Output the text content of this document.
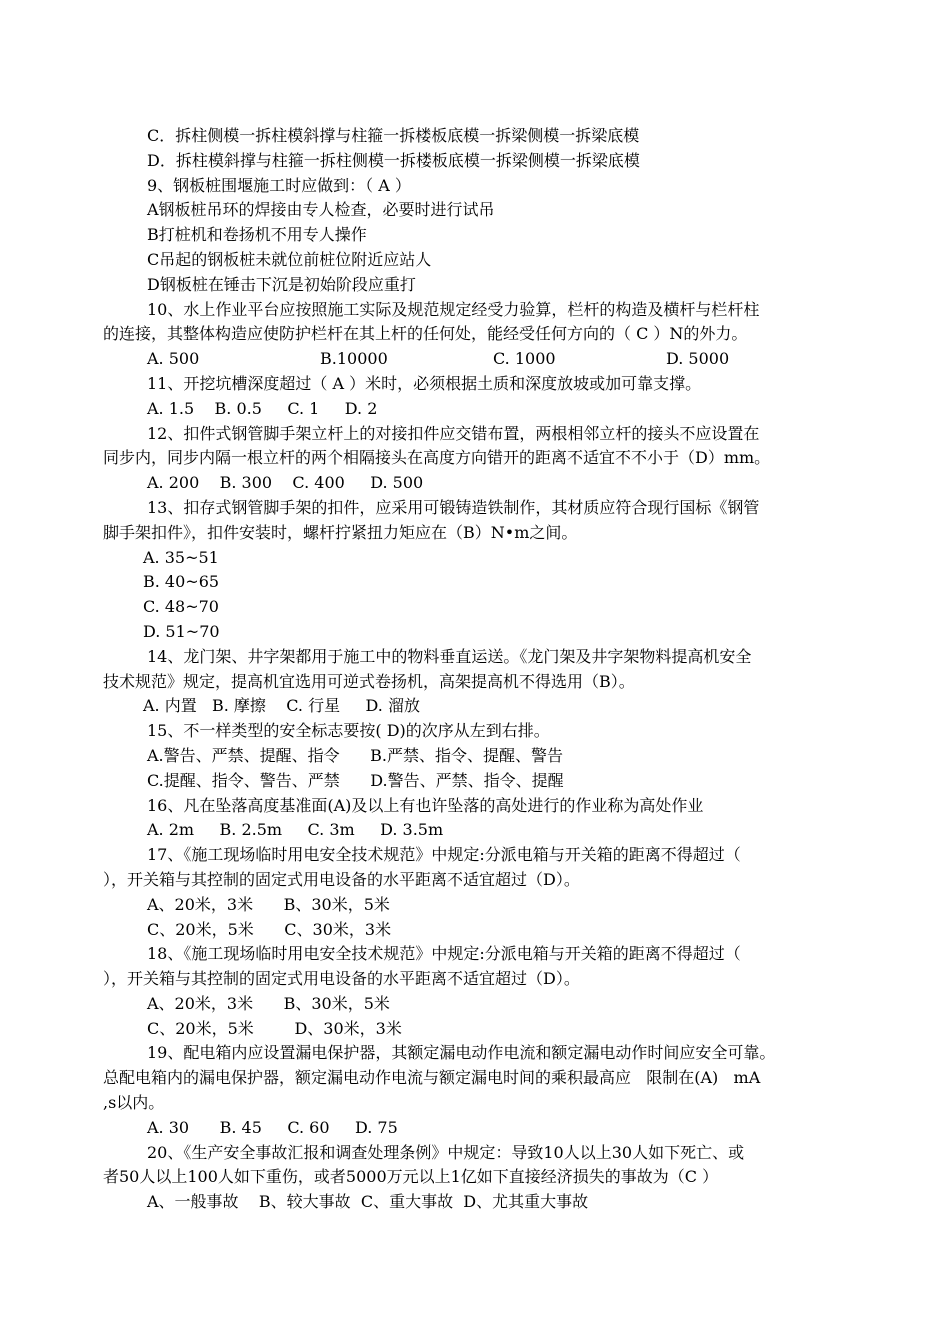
C．拆柱侧模一拆柱模斜撑与柱箍一拆楼板底模一拆梁侧模一拆梁底模
D．拆柱模斜撑与柱箍一拆柱侧模一拆楼板底模一拆梁侧模一拆梁底模
9、钢板桩围堰施工时应做到：（ A ）
A钢板桩吊环的焊接由专人检查，必要时进行试吊
B打桩机和卷扬机不用专人操作
C吊起的钢板桩未就位前桩位附近应站人
D钢板桩在锤击下沉是初始阶段应重打
10、水上作业平台应按照施工实际及规范规定经受力验算，栏杆的构造及横杆与栏杆柱
的连接，其整体构造应使防护栏杆在其上杆的任何处，能经受任何方向的（ C ）N的外力。
A. 500	B.10000	C. 1000	D. 5000
11、开挖坑槽深度超过（ A ）米时，必须根据土质和深度放坡或加可靠支撑。
A. 1.5    B. 0.5     C. 1     D. 2
12、扣件式钢管脚手架立杆上的对接扣件应交错布置，两根相邻立杆的接头不应设置在
同步内，同步内隔一根立杆的两个相隔接头在高度方向错开的距离不适宜不不小于（D）mm。
A. 200    B. 300    C. 400     D. 500
13、扣存式钢管脚手架的扣件，应采用可锻铸造铁制作，其材质应符合现行国标《钢管
脚手架扣件》，扣件安装时，螺杆拧紧扭力矩应在（B）N•m之间。
A. 35~51
B. 40~65
C. 48~70
D. 51~70
14、龙门架、井字架都用于施工中的物料垂直运送。《龙门架及井字架物料提高机安全
技术规范》规定，提高机宜选用可逆式卷扬机，高架提高机不得选用（B）。
A. 内置   B. 摩擦    C. 行星     D. 溜放
15、不一样类型的安全标志要按( D)的次序从左到右排。
A.警告、严禁、提醒、指令      B.严禁、指令、提醒、警告
C.提醒、指令、警告、严禁      D.警告、严禁、指令、提醒
16、凡在坠落高度基准面(A)及以上有也许坠落的高处进行的作业称为高处作业
A. 2m     B. 2.5m     C. 3m     D. 3.5m
17、《施工现场临时用电安全技术规范》中规定:分派电箱与开关箱的距离不得超过（
），开关箱与其控制的固定式用电设备的水平距离不适宜超过（D）。
A、20米，3米      B、30米，5米
C、20米，5米      C、30米，3米
18、《施工现场临时用电安全技术规范》中规定:分派电箱与开关箱的距离不得超过（
），开关箱与其控制的固定式用电设备的水平距离不适宜超过（D）。
A、20米，3米      B、30米，5米
C、20米，5米        D、30米，3米
19、配电箱内应设置漏电保护器，其额定漏电动作电流和额定漏电动作时间应安全可靠。
总配电箱内的漏电保护器，额定漏电动作电流与额定漏电时间的乘积最高应   限制在(A)   mA
,s以内。
A. 30      B. 45     C. 60     D. 75
20、《生产安全事故汇报和调查处理条例》中规定：导致10人以上30人如下死亡、或
者50人以上100人如下重伤，或者5000万元以上1亿如下直接经济损失的事故为（C ）
A、一般事故    B、较大事故  C、重大事故  D、尤其重大事故
